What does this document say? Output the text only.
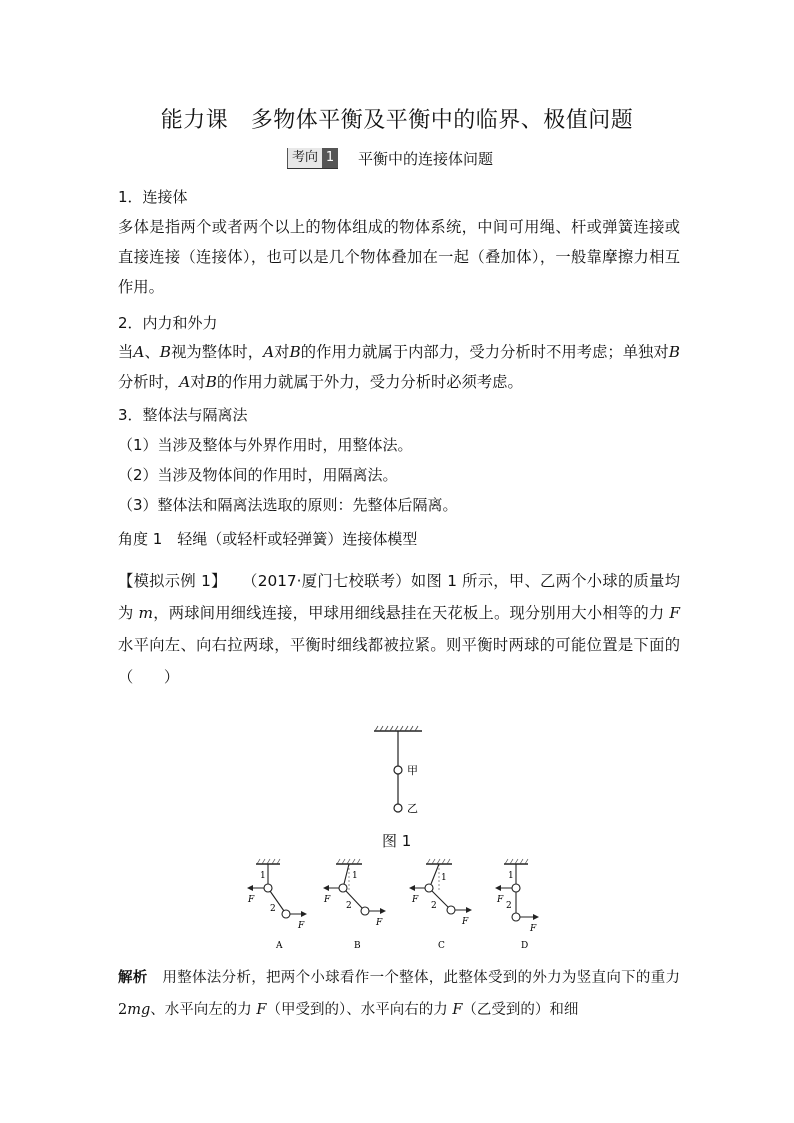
能力课　多物体平衡及平衡中的临界、极值问题
考向 1 平衡中的连接体问题
1．连接体
多体是指两个或者两个以上的物体组成的物体系统，中间可用绳、杆或弹簧连接或直接连接（连接体），也可以是几个物体叠加在一起（叠加体），一般靠摩擦力相互作用。
2．内力和外力
当A、B视为整体时，A对B的作用力就属于内部力，受力分析时不用考虑；单独对B分析时，A对B的作用力就属于外力，受力分析时必须考虑。
3．整体法与隔离法
（1）当涉及整体与外界作用时，用整体法。
（2）当涉及物体间的作用时，用隔离法。
（3）整体法和隔离法选取的原则：先整体后隔离。
角度 1　轻绳（或轻杆或轻弹簧）连接体模型
【模拟示例 1】 （2017·厦门七校联考）如图 1 所示，甲、乙两个小球的质量均为 m，两球间用细线连接，甲球用细线悬挂在天花板上。现分别用大小相等的力 F水平向左、向右拉两球，平衡时细线都被拉紧。则平衡时两球的可能位置是下面的（　　）
甲
乙
图 1
1
2
F
F
A
1
2
F
F
B
1
2
F
F
C
1
2
F
F
D
解析　用整体法分析，把两个小球看作一个整体，此整体受到的外力为竖直向下的重力 2mg、水平向左的力 F（甲受到的）、水平向右的力 F（乙受到的）和细
